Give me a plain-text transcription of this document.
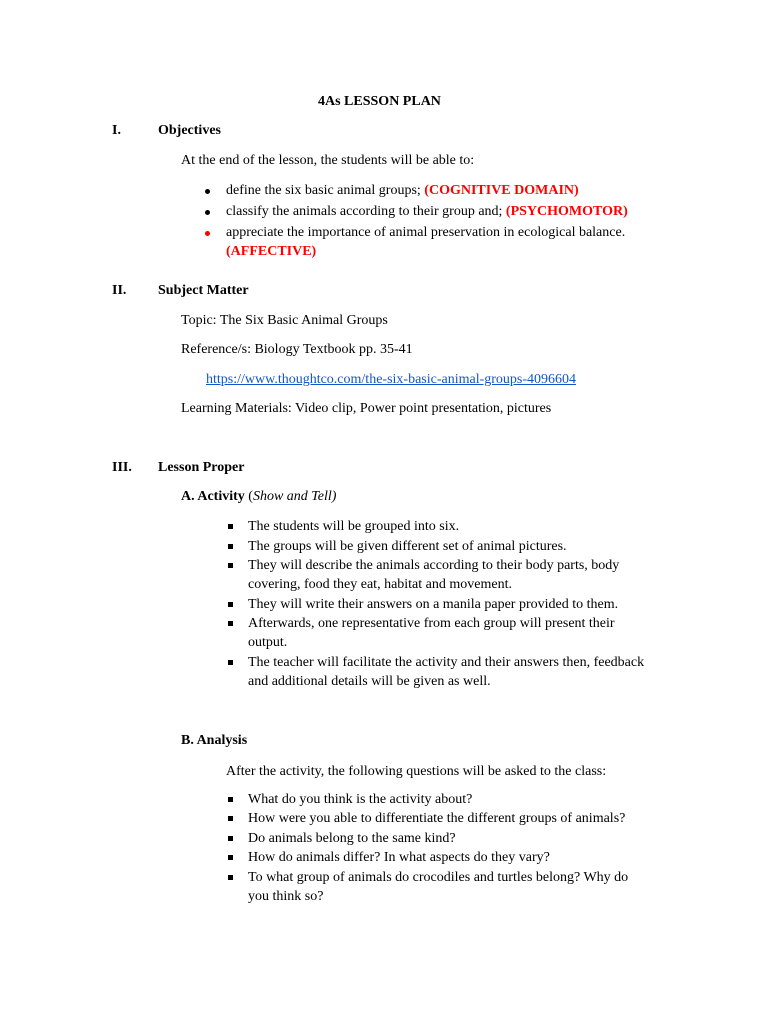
4As LESSON PLAN
I.	Objectives
At the end of the lesson, the students will be able to:
define the six basic animal groups; (COGNITIVE DOMAIN)
classify the animals according to their group and; (PSYCHOMOTOR)
appreciate the importance of animal preservation in ecological balance.
(AFFECTIVE)
II. Subject Matter
Topic: The Six Basic Animal Groups
Reference/s: Biology Textbook pp. 35-41
https://www.thoughtco.com/the-six-basic-animal-groups-4096604
Learning Materials: Video clip, Power point presentation, pictures
III. Lesson Proper
A. Activity (Show and Tell)
The students will be grouped into six.
The groups will be given different set of animal pictures.
They will describe the animals according to their body parts, body
covering, food they eat, habitat and movement.
They will write their answers on a manila paper provided to them.
Afterwards, one representative from each group will present their
output.
The teacher will facilitate the activity and their answers then, feedback
and additional details will be given as well.
B. Analysis
After the activity, the following questions will be asked to the class:
What do you think is the activity about?
How were you able to differentiate the different groups of animals?
Do animals belong to the same kind?
How do animals differ? In what aspects do they vary?
To what group of animals do crocodiles and turtles belong? Why do
you think so?
